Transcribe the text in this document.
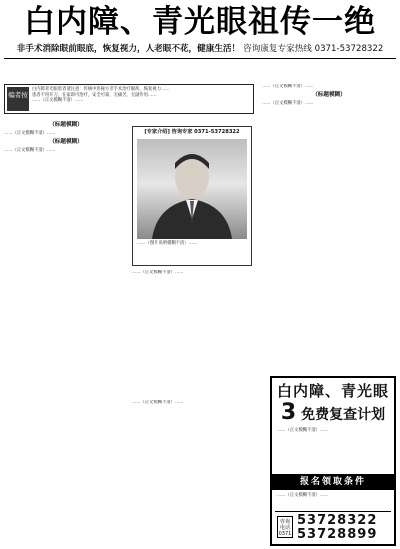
白内障、青光眼祖传一绝
非手术消除眼前眼底，恢复视力，人老眼不花，健康生活！ 咨询康复专家热线 0371-53728322
编者按
白内障青光眼患者请注意：传统中医秘方非手术治疗眼疾，恢复视力……
患者不用开刀，在家即可治疗，安全可靠，无痛苦，无副作用……
……（正文模糊不清）……
（标题模糊）
……（正文模糊不清）……
（标题模糊）
……（正文模糊不清）……
[专家介绍] 咨询专家 0371-53728322
……（图片说明模糊不清）……
……（正文模糊不清）……
……（正文模糊不清）……
……（正文模糊不清）……
（标题模糊）
……（正文模糊不清）……
白内障、青光眼
3 免费复查计划
……（正文模糊不清）……
报名领取条件
……（正文模糊不清）……
咨询电话 0371
53728322
53728899
